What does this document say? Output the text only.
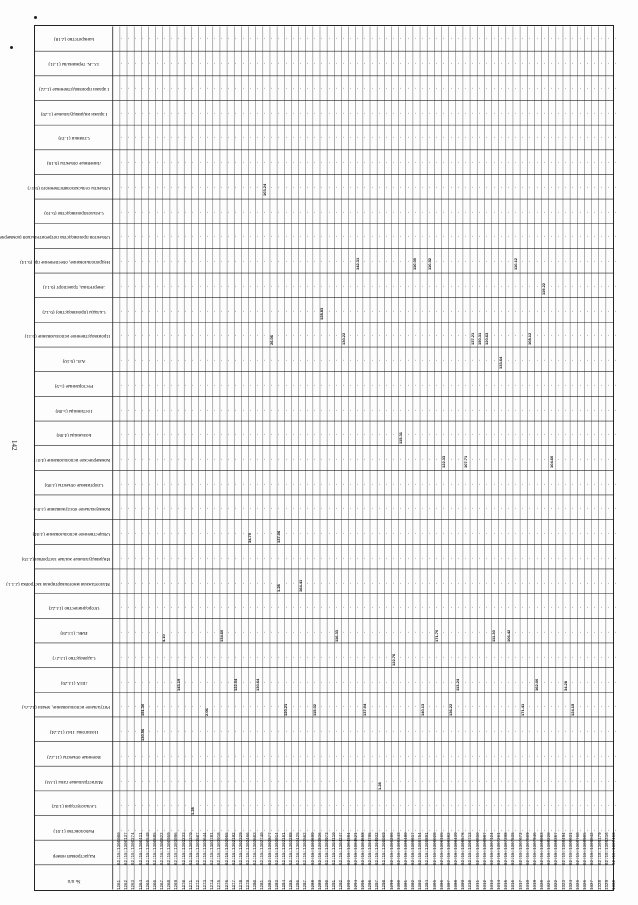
142
Банкротство (2.18)
Т.С.К. терминалы (1.31)
Гаражи производственные (1.22)
Гаражи индивидуальные (1.20)
Стоянки (1.19)
Линейные объекты (6.18)
Объекты сельскохозяйственного (6.17)
Сельхозпроизводство (6.16)
Объектов производства потребительской (коммерч
Недропользование, обеспечение пр. (6.14)
Энергетика, транспорт (6.13)
Склады (производство) (6.12)
Производственное использование (6.11)
АЗС (6.10)
Ресторанные (5.9)
Гостиницы (5.08)
Больницы (4.08)
Коммерческое использование (4.07)
Спортивные объекты (3.06)
Коммунальное обслуживание (3.05)
Общественное использование (3.04)
Индивидуальные жилые застройки (2.16)
Малоэтажная многоквартирная застройка (2.1.1)
Огородничество (13.22)
ИЖС (13.28)
Садоводство (13.27)
ЛПХ (13.26)
Ритуальное использование, земли (12.25)
Полигоны ТБО (12.24)
Военные объекты (11.22)
Магистральные газы (1.03)
Сельхозугодия (1.02)
Рыболовство (1.01)
Кадастровый номер
№ п/п	1261
62:15:1300000
1262
62:15:1300137
1263
62:15:1300274
1264
62:15:1300411
1265
62:15:1300548
1266
62:15:1300685
1267
62:15:1300822
1268
62:15:1300959
1269
62:15:1301096
1270
62:15:1301233
1271
62:15:1301370
1272
62:15:1301507
1273
62:15:1301644
1274
62:15:1301781
1275
62:15:1301918
1276
62:15:1302055
1277
62:15:1302192
1278
62:15:1302329
1279
62:15:1302466
1280
62:15:1302603
1281
62:15:1302740
1282
62:15:1302877
1283
62:15:1303014
1284
62:15:1303151
1285
62:15:1303288
1286
62:15:1303425
1287
62:15:1303562
1288
62:15:1303699
1289
62:15:1303836
1290
62:15:1303973
1291
62:15:1304110
1292
62:15:1304247
1293
62:15:1304384
1294
62:15:1304521
1295
62:15:1304658
1296
62:15:1304795
1297
62:15:1304932
1298
62:15:1305069
1299
62:15:1305206
1300
62:15:1305343
1301
62:15:1305480
1302
62:15:1305617
1303
62:15:1305754
1304
62:15:1305891
1305
62:15:1306028
1306
62:15:1306165
1307
62:15:1306302
1308
62:15:1306439
1309
62:15:1306576
1310
62:15:1306713
1311
62:15:1306850
1312
62:15:1306987
1313
62:15:1307124
1314
62:15:1307261
1315
62:15:1307398
1316
62:15:1307535
1317
62:15:1307672
1318
62:15:1307809
1319
62:15:1307946
1320
62:15:1308083
1321
62:15:1308220
1322
62:15:1308357
1323
62:15:1308494
1324
62:15:1308631
1325
62:15:1308768
1326
62:15:1308905
1327
62:15:1309042
1328
62:15:1309179
1329
62:15:1309316
1330
62:15:1309453
151.30
130.56
4.10
143.19
1.28
2.06
134.60
122.04
34.75
130.64
103.24
26.06
137.06
1.28
120.21
164.41
115.02
128.83
116.33
130.22
142.31
137.04
1.28
122.76
115.31
110.00
140.13
110.52
171.70
122.33
136.22
113.24
107.71
137.21 150.31 120.63
111.30
133.64
106.42
110.12
171.41
108.12
162.00
119.22
104.60
34.28
124.15
-
-
-
-
-
-
-
-
-
-
-
-
-
-
-
-
-
-
-
-
-
-
-
-
-
-
-
-
-
-
-
-
-
-
-
-
-
-
-
-
-
-
-
-
-
-
-
-
-
-
-
-
-
-
-
-
-
-
-
-
-
-
-
-
-
-
-
-
-
-
-
-
-
-
-
-
-
-
-
-
-
-
-
-
-
-
-
-
-
-
-
-
-
-
-
-
-
-
-
-
-
-
-
-
-
-
-
-
-
-
-
-
-
-
-
-
-
-
-
-
-
-
-
-
-
-
-
-
-
-
-
-
-
-
-
-
-
-
-
-
-
-
-
-
-
-
-
-
-
-
-
-
-
-
-
-
-
-
-
-
-
-
-
-
-
-
-
-
-
-
-
-
-
-
-
-
-
-
-
-
-
-
-
-
-
-
-
-
-
-
-
-
-
-
-
-
-
-
-
-
-
-
-
-
-
-
-
-
-
-
-
-
-
-
-
-
-
-
-
-
-
-
-
-
-
-
-
-
-
-
-
-
-
-
-
-
-
-
-
-
-
-
-
-
-
-
-
-
-
-
-
-
-
-
-
-
-
-
-
-
-
-
-
-
-
-
-
-
-
-
-
-
-
-
-
-
-
-
-
-
-
-
-
-
-
-
-
-
-
-
-
-
-
-
-
-
-
-
-
-
-
-
-
-
-
-
-
-
-
-
-
-
-
-
-
-
-
-
-
-
-
-
-
-
-
-
-
-
-
-
-
-
-
-
-
-
-
-
-
-
-
-
-
-
-
-
-
-
-
-
-
-
-
-
-
-
-
-
-
-
-
-
-
-
-
-
-
-
-
-
-
-
-
-
-
-
-
-
-
-
-
-
-
-
-
-
-
-
-
-
-
-
-
-
-
-
-
-
-
-
-
-
-
-
-
-
-
-
-
-
-
-
-
-
-
-
-
-
-
-
-
-
-
-
-
-
-
-
-
-
-
-
-
-
-
-
-
-
-
-
-
-
-
-
-
-
-
-
-
-
-
-
-
-
-
-
-
-
-
-
-
-
-
-
-
-
-
-
-
-
-
-
-
-
-
-
-
-
-
-
-
-
-
-
-
-
-
-
-
-
-
-
-
-
-
-
-
-
-
-
-
-
-
-
-
-
-
-
-
-
-
-
-
-
-
-
-
-
-
-
-
-
-
-
-
-
-
-
-
-
-
-
-
-
-
-
-
-
-
-
-
-
-
-
-
-
-
-
-
-
-
-
-
-
-
-
-
-
-
-
-
-
-
-
-
-
-
-
-
-
-
-
-
-
-
-
-
-
-
-
-
-
-
-
-
-
-
-
-
-
-
-
-
-
-
-
-
-
-
-
-
-
-
-
-
-
-
-
-
-
-
-
-
-
-
-
-
-
-
-
-
-
-
-
-
-
-
-
-
-
-
-
-
-
-
-
-
-
-
-
-
-
-
-
-
-
-
-
-
-
-
-
-
-
-
-
-
-
-
-
-
-
-
-
-
-
-
-
-
-
-
-
-
-
-
-
-
-
-
-
-
-
-
-
-
-
-
-
-
-
-
-
-
-
-
-
-
-
-
-
-
-
-
-
-
-
-
-
-
-
-
-
-
-
-
-
-
-
-
-
-
-
-
-
-
-
-
-
-
-
-
-
-
-
-
-
-
-
-
-
-
-
-
-
-
-
-
-
-
-
-
-
-
-
-
-
-
-
-
-
-
-
-
-
-
-
-
-
-
-
-
-
-
-
-
-
-
-
-
-
-
-
-
-
-
-
-
-
-
-
-
-
-
-
-
-
-
-
-
-
-
-
-
-
-
-
-
-
-
-
-
-
-
-
-
-
-
-
-
-
-
-
-
-
-
-
-
-
-
-
-
-
-
-
-
-
-
-
-
-
-
-
-
-
-
-
-
-
-
-
-
-
-
-
-
-
-
-
-
-
-
-
-
-
-
-
-
-
-
-
-
-
-
-
-
-
-
-
-
-
-
-
-
-
-
-
-
-
-
-
-
-
-
-
-
-
-
-
-
-
-
-
-
-
-
-
-
-
-
-
-
-
-
-
-
-
-
-
-
-
-
-
-
-
-
-
-
-
-
-
-
-
-
-
-
-
-
-
-
-
-
-
-
-
-
-
-
-
-
-
-
-
-
-
-
-
-
-
-
-
-
-
-
-
-
-
-
-
-
-
-
-
-
-
-
-
-
-
-
-
-
-
-
-
-
-
-
-
-
-
-
-
-
-
-
-
-
-
-
-
-
-
-
-
-
-
-
-
-
-
-
-
-
-
-
-
-
-
-
-
-
-
-
-
-
-
-
-
-
-
-
-
-
-
-
-
-
-
-
-
-
-
-
-
-
-
-
-
-
-
-
-
-
-
-
-
-
-
-
-
-
-
-
-
-
-
-
-
-
-
-
-
-
-
-
-
-
-
-
-
-
-
-
-
-
-
-
-
-
-
-
-
-
-
-
-
-
-
-
-
-
-
-
-
-
-
-
-
-
-
-
-
-
-
-
-
-
-
-
-
-
-
-
-
-
-
-
-
-
-
-
-
-
-
-
-
-
-
-
-
-
-
-
-
-
-
-
-
-
-
-
-
-
-
-
-
-
-
-
-
-
-
-
-
-
-
-
-
-
-
-
-
-
-
-
-
-
-
-
-
-
-
-
-
-
-
-
-
-
-
-
-
-
-
-
-
-
-
-
-
-
-
-
-
-
-
-
-
-
-
-
-
-
-
-
-
-
-
-
-
-
-
-
-
-
-
-
-
-
-
-
-
-
-
-
-
-
-
-
-
-
-
-
-
-
-
-
-
-
-
-
-
-
-
-
-
-
-
-
-
-
-
-
-
-
-
-
-
-
-
-
-
-
-
-
-
-
-
-
-
-
-
-
-
-
-
-
-
-
-
-
-
-
-
-
-
-
-
-
-
-
-
-
-
-
-
-
-
-
-
-
-
-
-
-
-
-
-
-
-
-
-
-
-
-
-
-
-
-
-
-
-
-
-
-
-
-
-
-
-
-
-
-
-
-
-
-
-
-
-
-
-
-
-
-
-
-
-
-
-
-
-
-
-
-
-
-
-
-
-
-
-
-
-
-
-
-
-
-
-
-
-
-
-
-
-
-
-
-
-
-
-
-
-
-
-
-
-
-
-
-
-
-
-
-
-
-
-
-
-
-
-
-
-
-
-
-
-
-
-
-
-
-
-
-
-
-
-
-
-
-
-
-
-
-
-
-
-
-
-
-
-
-
-
-
-
-
-
-
-
-
-
-
-
-
-
-
-
-
-
-
-
-
-
-
-
-
-
-
-
-
-
-
-
-
-
-
-
-
-
-
-
-
-
-
-
-
-
-
-
-
-
-
-
-
-
-
-
-
-
-
-
-
-
-
-
-
-
-
-
-
-
-
-
-
-
-
-
-
-
-
-
-
-
-
-
-
-
-
-
-
-
-
-
-
-
-
-
-
-
-
-
-
-
-
-
-
-
-
-
-
-
-
-
-
-
-
-
-
-
-
-
-
-
-
-
-
-
-
-
-
-
-
-
-
-
-
-
-
-
-
-
-
-
-
-
-
-
-
-
-
-
-
-
-
-
-
-
-
-
-
-
-
-
-
-
-
-
-
-
-
-
-
-
-
-
-
-
-
-
-
-
-
-
-
-
-
-
-
-
-
-
-
-
-
-
-
-
-
-
-
-
-
-
-
-
-
-
-
-
-
-
-
-
-
-
-
-
-
-
-
-
-
-
-
-
-
-
-
-
-
-
-
-
-
-
-
-
-
-
-
-
-
-
-
-
-
-
-
-
-
-
-
-
-
-
-
-
-
-
-
-
-
-
-
-
-
-
-
-
-
-
-
-
-
-
-
-
-
-
-
-
-
-
-
-
-
-
-
-
-
-
-
-
-
-
-
-
-
-
-
-
-
-
-
-
-
-
-
-
-
-
-
-
-
-
-
-
-
-
-
-
-
-
-
-
-
-
-
-
-
-
-
-
-
-
-
-
-
-
-
-
-
-
-
-
-
-
-
-
-
-
-
-
-
-
-
-
-
-
-
-
-
-
-
-
-
-
-
-
-
-
-
-
-
-
-
-
-
-
-
-
-
-
-
-
-
-
-
-
-
-
-
-
-
-
-
-
-
-
-
-
-
-
-
-
-
-
-
-
-
-
-
-
-
-
-
-
-
-
-
-
-
-
-
-
-
-
-
-
-
-
-
-
-
-
-
-
-
-
-
-
-
-
-
-
-
-
-
-
-
-
-
-
-
-
-
-
-
-
-
-
-
-
-
-
-
-
-
-
-
-
-
-
-
-
-
-
-
-
-
-
-
-
-
-
-
-
-
-
-
-
-
-
-
-
-
-
-
-
-
-
-
-
-
-
-
-
-
-
-
-
-
-
-
-
-
-
-
-
-
-
-
-
-
-
-
-
-
-
-
-
-
-
-
-
-
-
-
-
-
-
-
-
-
-
-
-
-
-
-
-
-
-
-
-
-
-
-
-
-
-
-
-
-
-
-
-
-
-
-
-
-
-
-
-
-
-
-
-
-
-
-
-
-
-
-
-
-
-
-
-
-
-
-
-
-
-
-
-
-
-
-
-
-
-
-
-
-
-
-
-
-
-
-
-
-
-
-
-
-
-
-
-
-
-
-
-
-
-
-
-
-
-
-
-
-
-
-
-
-
-
-
-
-
-
-
-
-
-
-
-
-
-
-
-
-
-
-
-
-
-
-
-
-
-
-
-
-
-
-
-
-
-
-
-
-
-
-
-
-
-
-
-
-
-
-
-
-
-
-
-
-
-
-
-
-
-
-
-
-
-
-
-
-
-
-
-
-
-
-
-
-
-
-
-
-
-
-
-
-
-
-
-
-
-
-
-
-
-
-
-
-
-
-
-
-
-
-
-
-
-
-
-
-
-
-
-
-
-
-
-
-
-
-
-
-
-
-
-
-
-
-
-
-
-
-
-
-
-
-
-
-
-
-
-
-
-
-
-
-
-
-
-
-
-
-
-
-
-
-
-
-
-
-
-
-
-
-
-
-
-
-
-
-
-
-
-
-
-
-
-
-
-
-
-
-
-
-
-
-
-
-
